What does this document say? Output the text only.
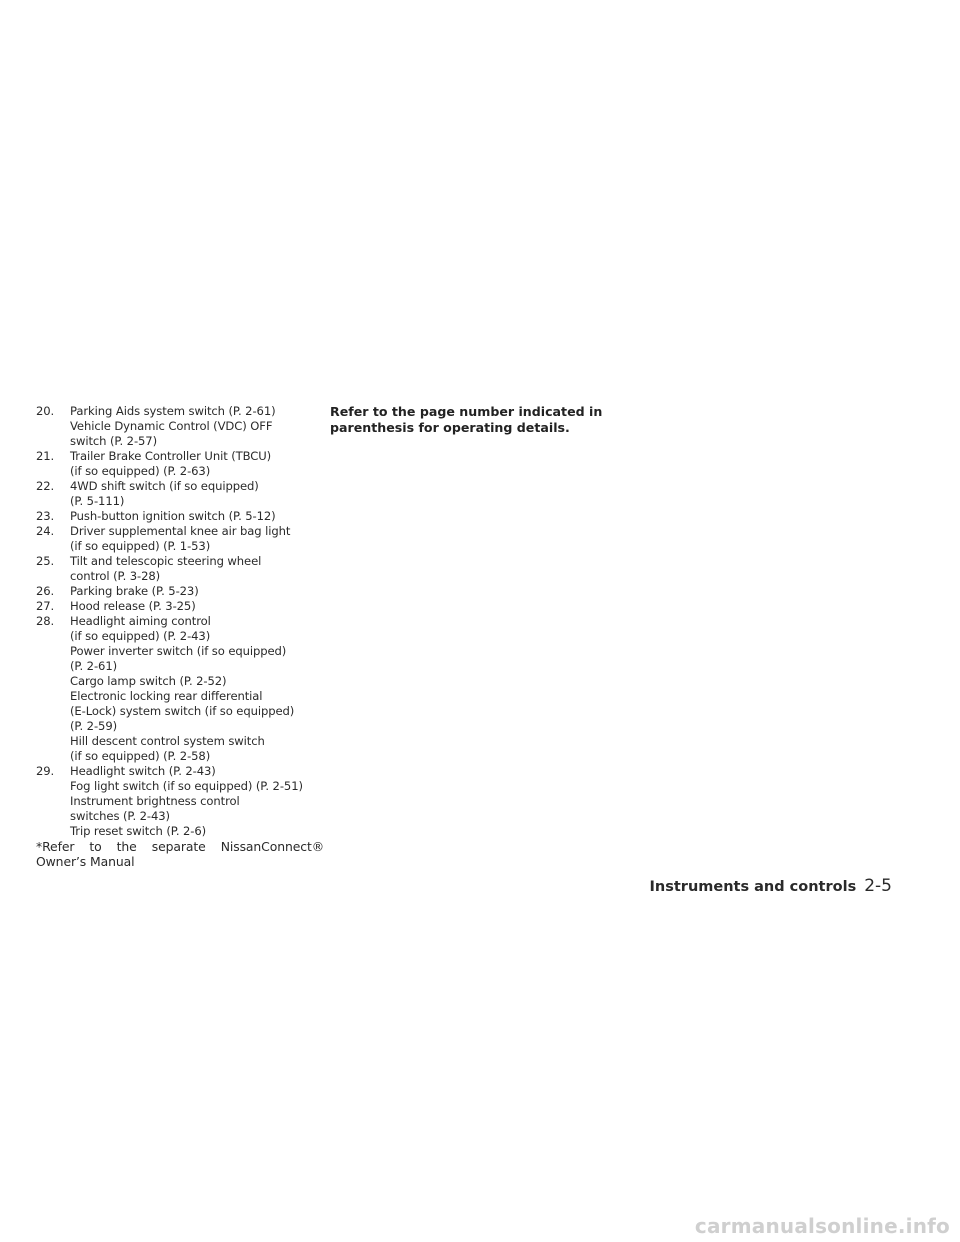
20. Parking Aids system switch (P. 2-61)
Vehicle Dynamic Control (VDC) OFF
switch (P. 2-57)
21. Trailer Brake Controller Unit (TBCU)
(if so equipped) (P. 2-63)
22. 4WD shift switch (if so equipped)
(P. 5-111)
23. Push-button ignition switch (P. 5-12)
24. Driver supplemental knee air bag light
(if so equipped) (P. 1-53)
25. Tilt and telescopic steering wheel
control (P. 3-28)
26. Parking brake (P. 5-23)
27. Hood release (P. 3-25)
28. Headlight aiming control
(if so equipped) (P. 2-43)
Power inverter switch (if so equipped)
(P. 2-61)
Cargo lamp switch (P. 2-52)
Electronic locking rear differential
(E-Lock) system switch (if so equipped)
(P. 2-59)
Hill descent control system switch
(if so equipped) (P. 2-58)
29. Headlight switch (P. 2-43)
Fog light switch (if so equipped) (P. 2-51)
Instrument brightness control
switches (P. 2-43)
Trip reset switch (P. 2-6)
*Refer to the separate NissanConnect®
Owner’s Manual
Refer to the page number indicated in
parenthesis for operating details.
Instruments and controls 2-5
carmanualsonline.info
